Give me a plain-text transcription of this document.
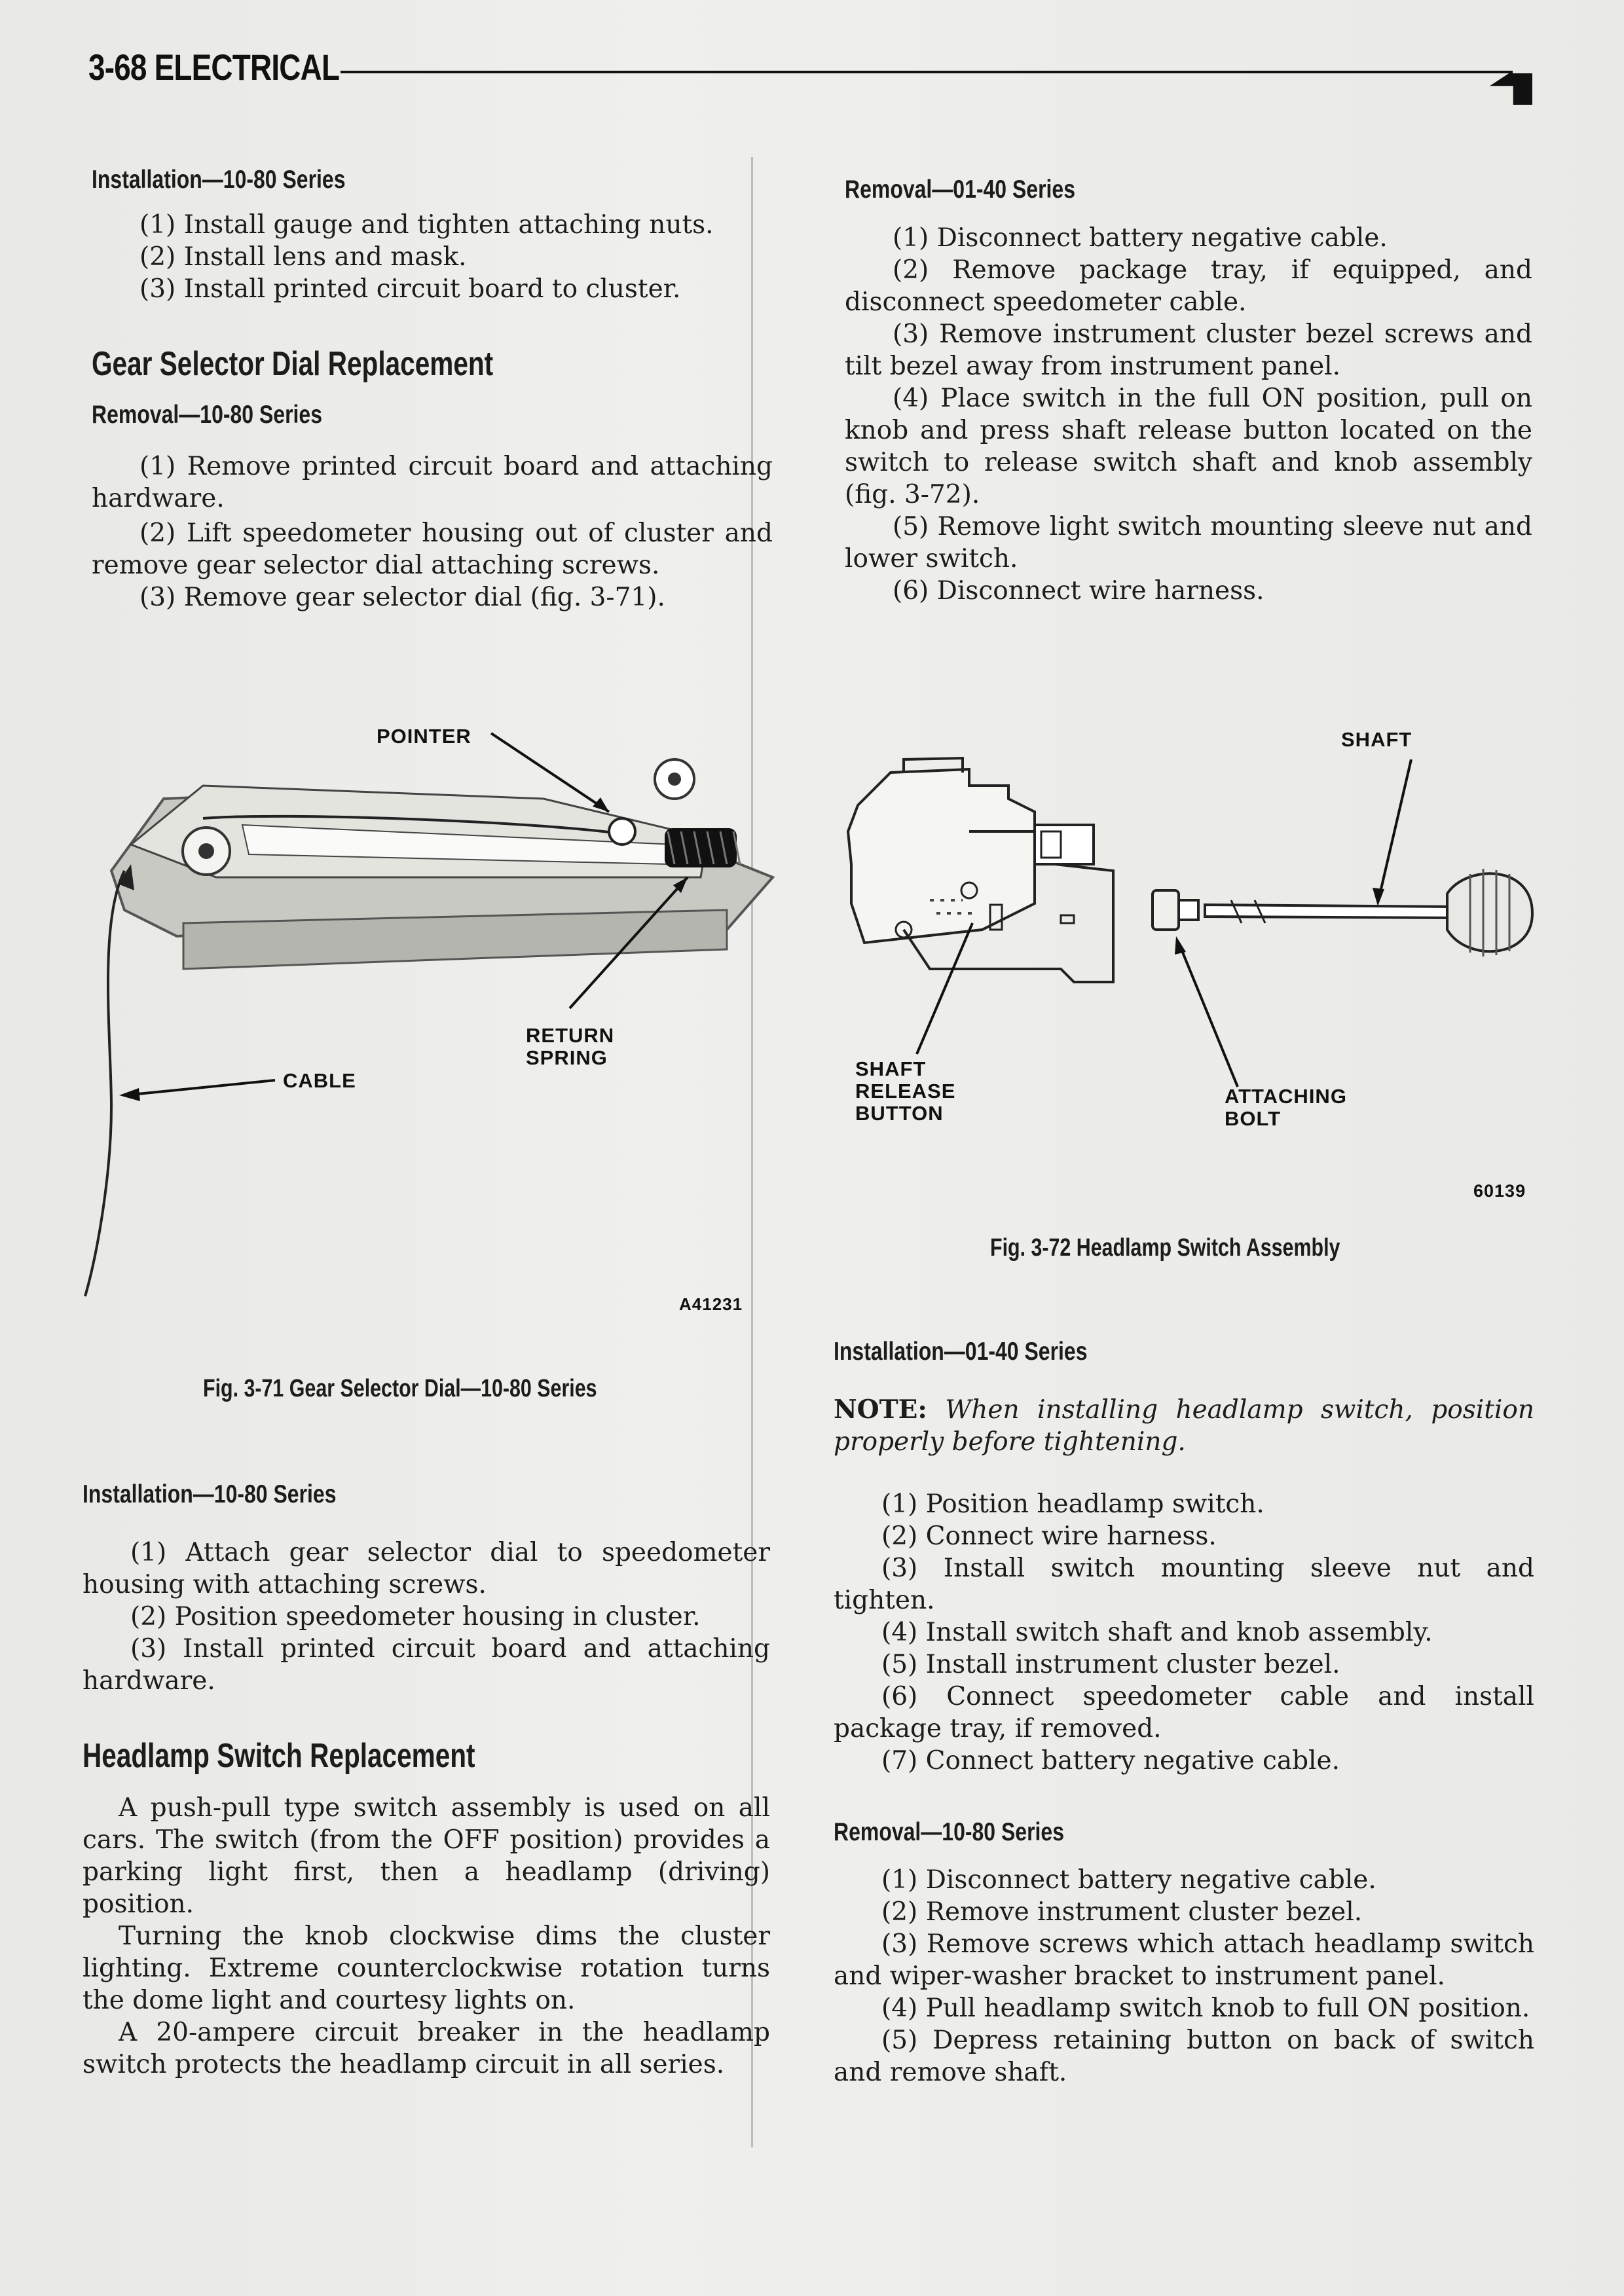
3-68 ELECTRICAL

Installation—10-80 Series

(1) Install gauge and tighten attaching nuts.

(2) Install lens and mask.

(3) Install printed circuit board to cluster.

Gear Selector Dial Replacement

Removal—10-80 Series

(1) Remove printed circuit board and attaching hardware.

(2) Lift speedometer housing out of cluster and remove gear selector dial attaching screws.

(3) Remove gear selector dial (fig. 3-71).

POINTER
RETURN SPRING
CABLE
A41231
Fig. 3-71 Gear Selector Dial—10-80 Series

Installation—10-80 Series

(1) Attach gear selector dial to speedometer housing with attaching screws.

(2) Position speedometer housing in cluster.

(3) Install printed circuit board and attaching hardware.

Headlamp Switch Replacement

A push-pull type switch assembly is used on all cars. The switch (from the OFF position) provides a parking light first, then a headlamp (driving) position.

Turning the knob clockwise dims the cluster lighting. Extreme counterclockwise rotation turns the dome light and courtesy lights on.

A 20-ampere circuit breaker in the headlamp switch protects the headlamp circuit in all series.

Removal—01-40 Series

(1) Disconnect battery negative cable.

(2) Remove package tray, if equipped, and disconnect speedometer cable.

(3) Remove instrument cluster bezel screws and tilt bezel away from instrument panel.

(4) Place switch in the full ON position, pull on knob and press shaft release button located on the switch to release switch shaft and knob assembly (fig. 3-72).

(5) Remove light switch mounting sleeve nut and lower switch.

(6) Disconnect wire harness.

SHAFT
SHAFT RELEASE BUTTON
ATTACHING BOLT
60139
Fig. 3-72 Headlamp Switch Assembly

Installation—01-40 Series

NOTE: When installing headlamp switch, position properly before tightening.

(1) Position headlamp switch.

(2) Connect wire harness.

(3) Install switch mounting sleeve nut and tighten.

(4) Install switch shaft and knob assembly.

(5) Install instrument cluster bezel.

(6) Connect speedometer cable and install package tray, if removed.

(7) Connect battery negative cable.

Removal—10-80 Series

(1) Disconnect battery negative cable.

(2) Remove instrument cluster bezel.

(3) Remove screws which attach headlamp switch and wiper-washer bracket to instrument panel.

(4) Pull headlamp switch knob to full ON position.

(5) Depress retaining button on back of switch and remove shaft.
